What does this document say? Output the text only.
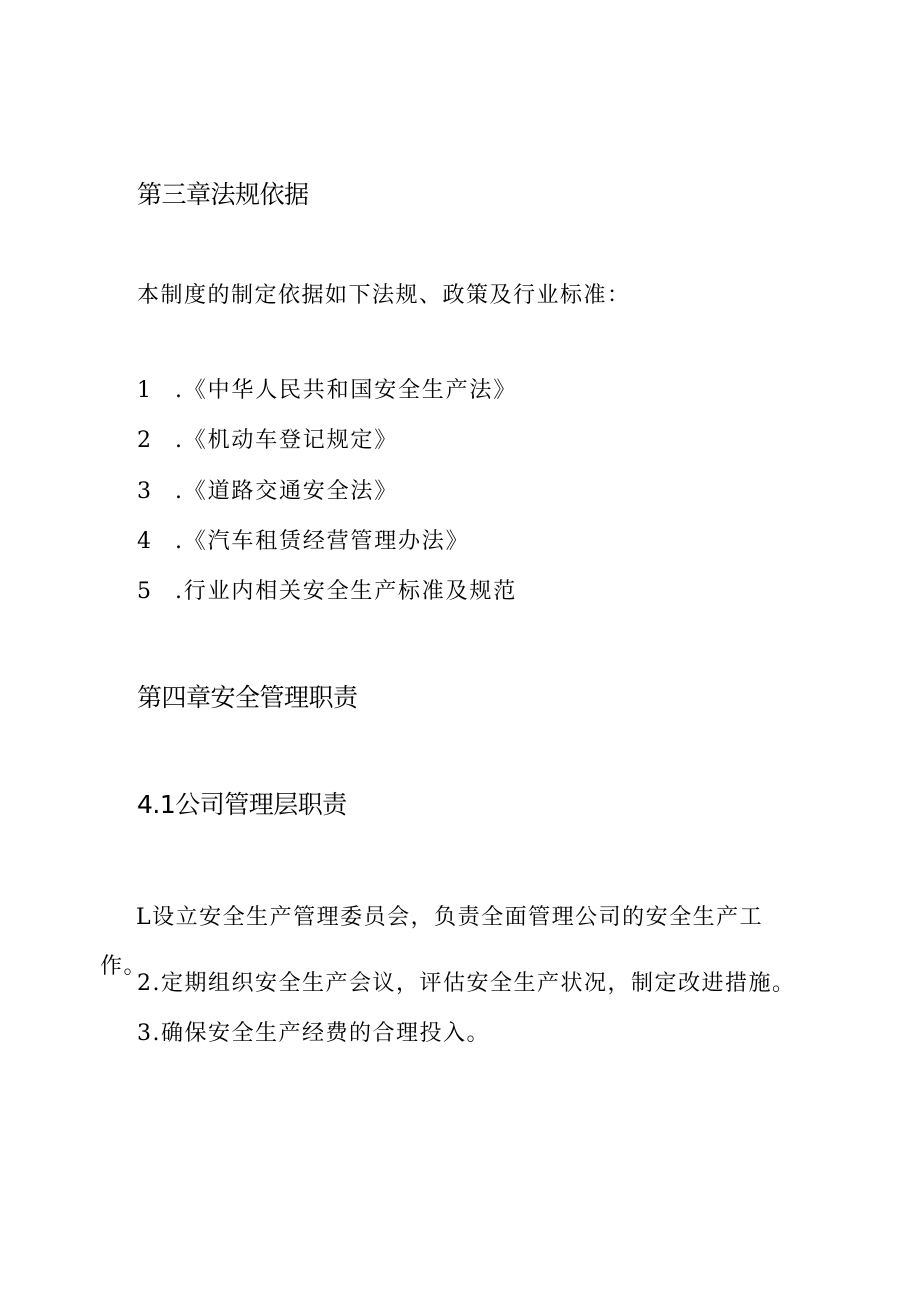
第三章法规依据
本制度的制定依据如下法规、政策及行业标准：
1 .《中华人民共和国安全生产法》
2 .《机动车登记规定》
3 .《道路交通安全法》
4 .《汽车租赁经营管理办法》
5 .行业内相关安全生产标准及规范
第四章安全管理职责
4.1公司管理层职责
L设立安全生产管理委员会，负责全面管理公司的安全生产工作。
2.定期组织安全生产会议，评估安全生产状况，制定改进措施。
3.确保安全生产经费的合理投入。
